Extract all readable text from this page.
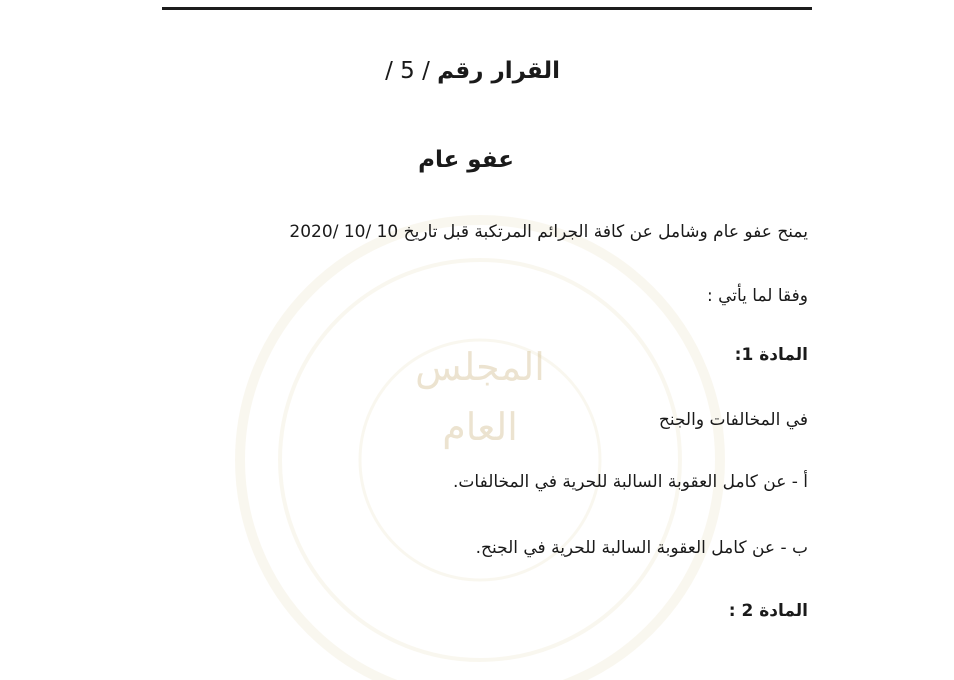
المجلس
العام
القرار رقم / 5 /
عفو عام
يمنح عفو عام وشامل عن كافة الجرائم المرتكبة قبل تاريخ 10 /10 /2020
وفقا لما يأتي :
المادة 1:
في المخالفات والجنح
أ - عن كامل العقوبة السالبة للحرية في المخالفات.
ب - عن كامل العقوبة السالبة للحرية في الجنح.
المادة 2 :
